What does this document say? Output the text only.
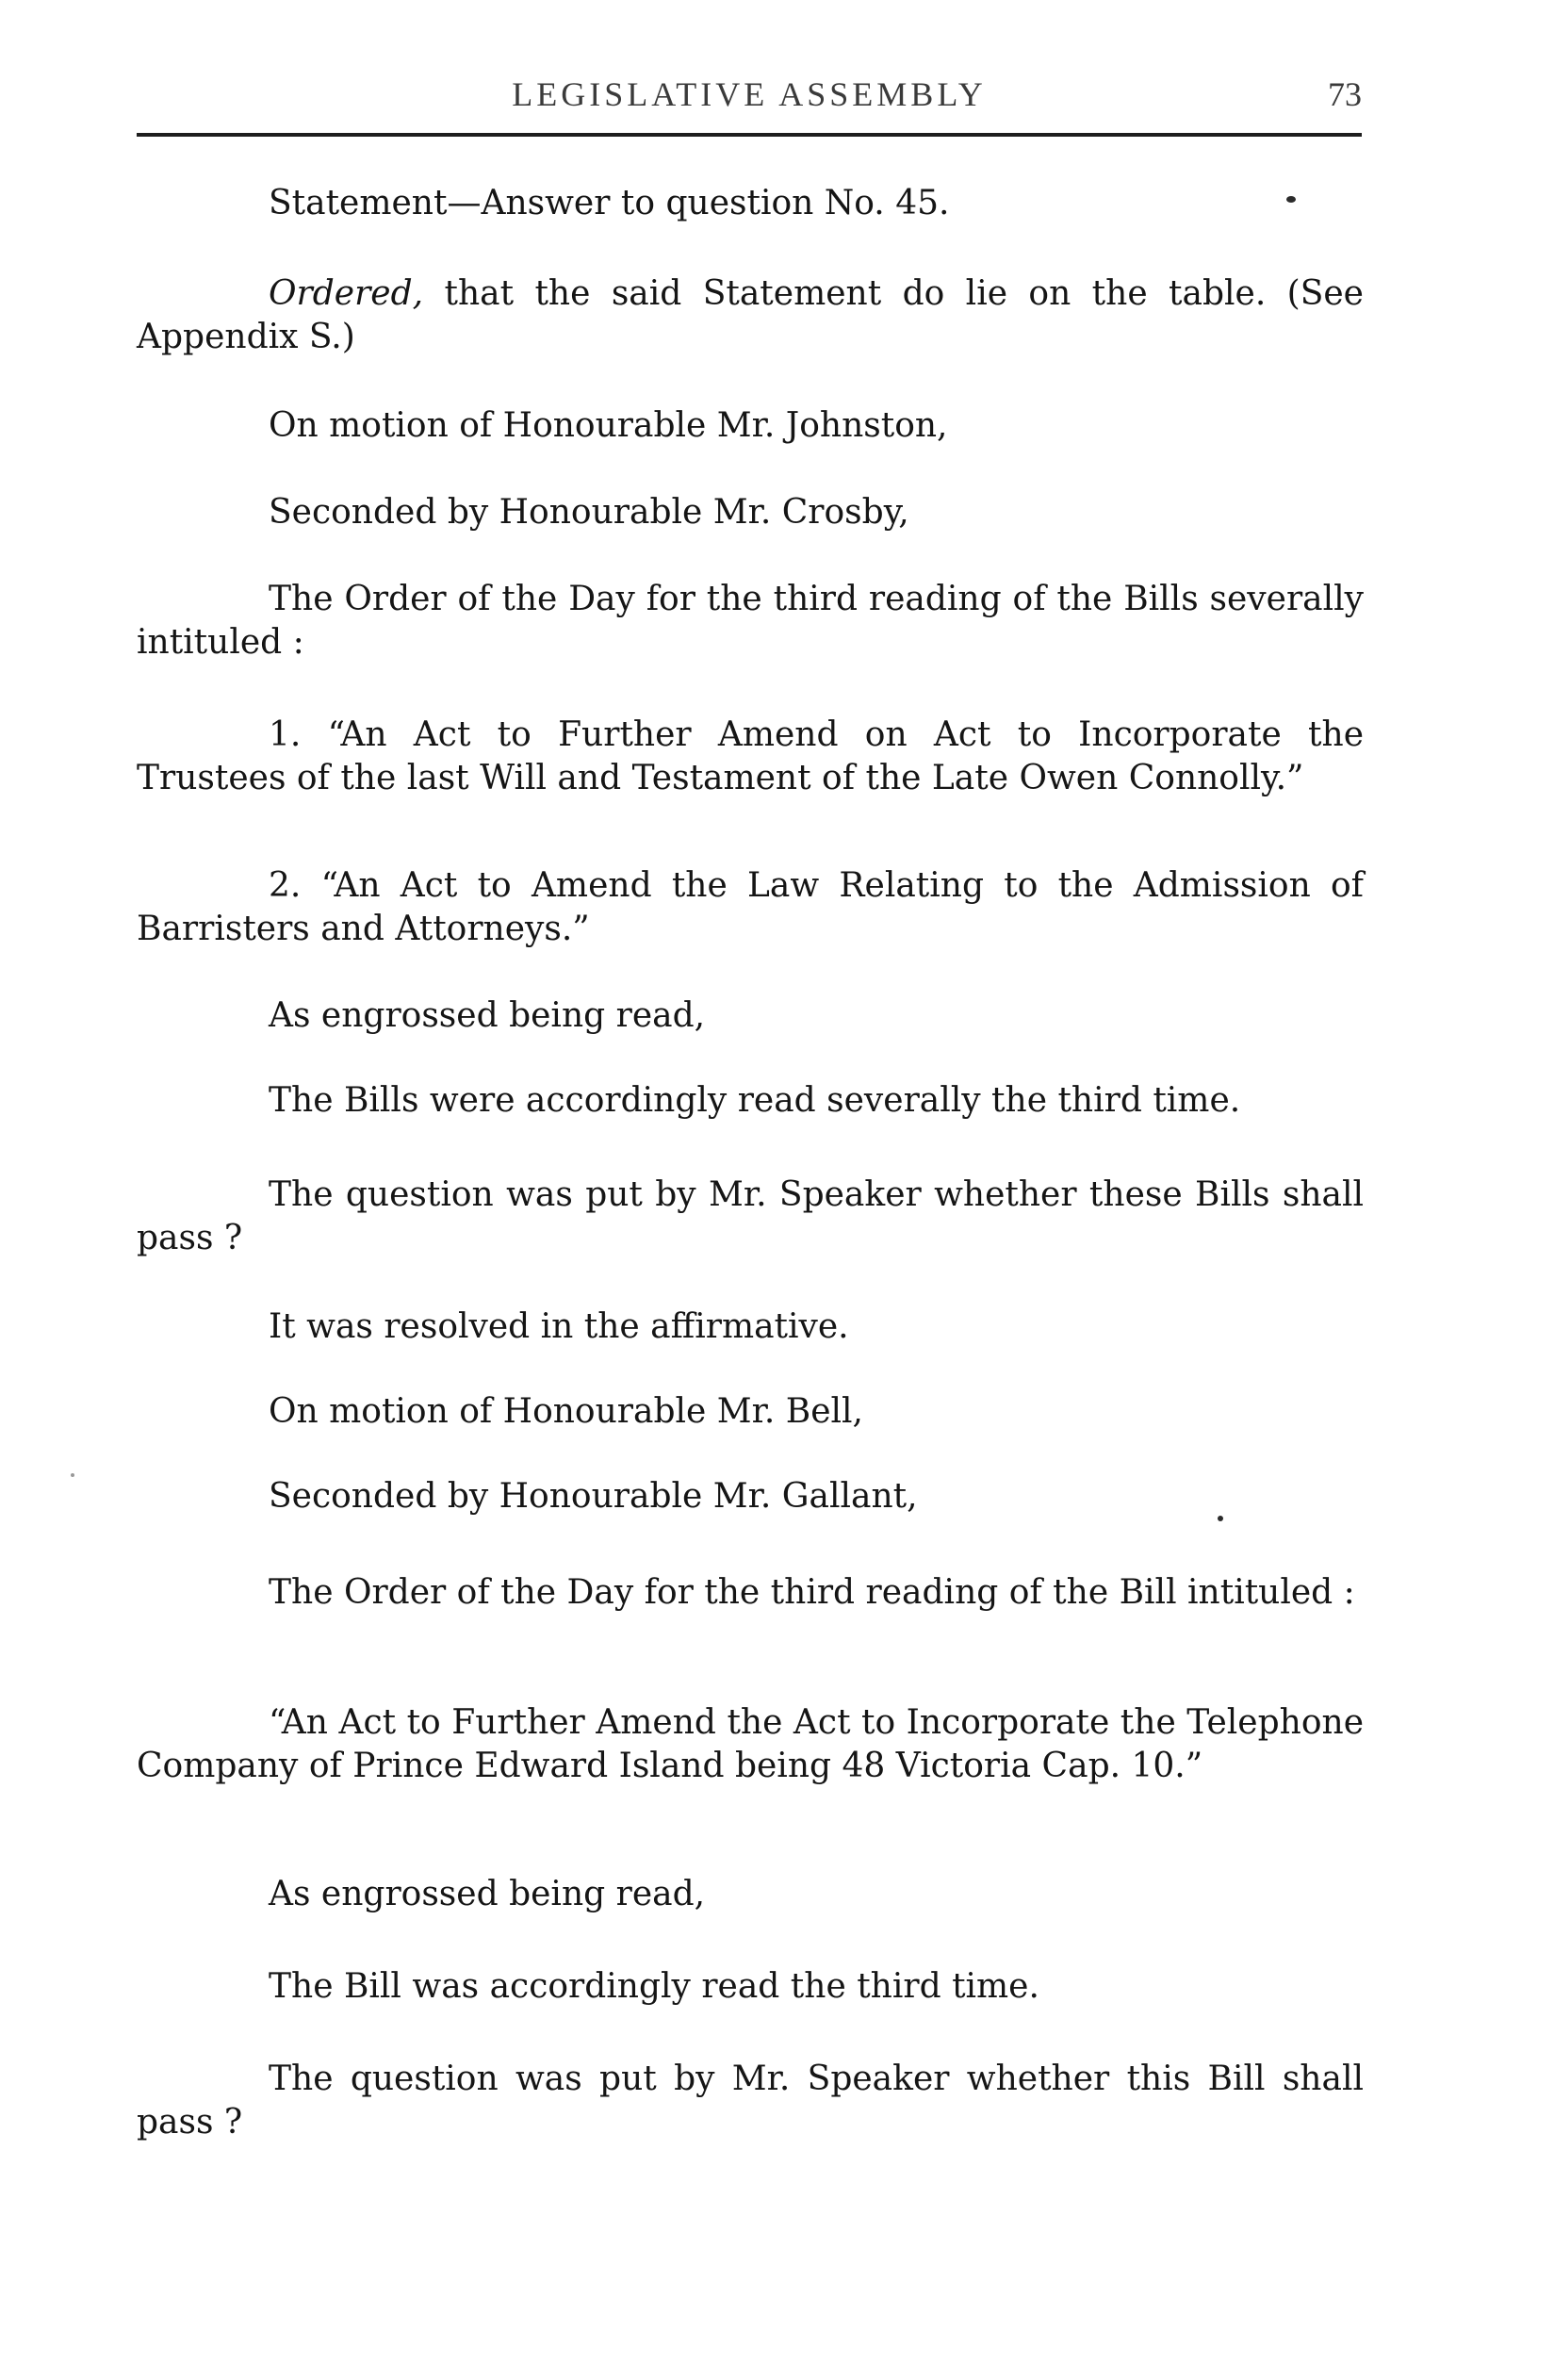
LEGISLATIVE ASSEMBLY	73

Statement—Answer to question No. 45.

Ordered, that the said Statement do lie on the table. (See Appendix S.)

On motion of Honourable Mr. Johnston,

Seconded by Honourable Mr. Crosby,

The Order of the Day for the third reading of the Bills severally intituled :

1. “An Act to Further Amend on Act to Incorporate the Trustees of the last Will and Testament of the Late Owen Connolly.”

2. “An Act to Amend the Law Relating to the Admission of Barristers and Attorneys.”

As engrossed being read,

The Bills were accordingly read severally the third time.

The question was put by Mr. Speaker whether these Bills shall pass ?

It was resolved in the affirmative.

On motion of Honourable Mr. Bell,

Seconded by Honourable Mr. Gallant,

The Order of the Day for the third reading of the Bill intituled :

“An Act to Further Amend the Act to Incorporate the Telephone Company of Prince Edward Island being 48 Victoria Cap. 10.”

As engrossed being read,

The Bill was accordingly read the third time.

The question was put by Mr. Speaker whether this Bill shall pass ?
